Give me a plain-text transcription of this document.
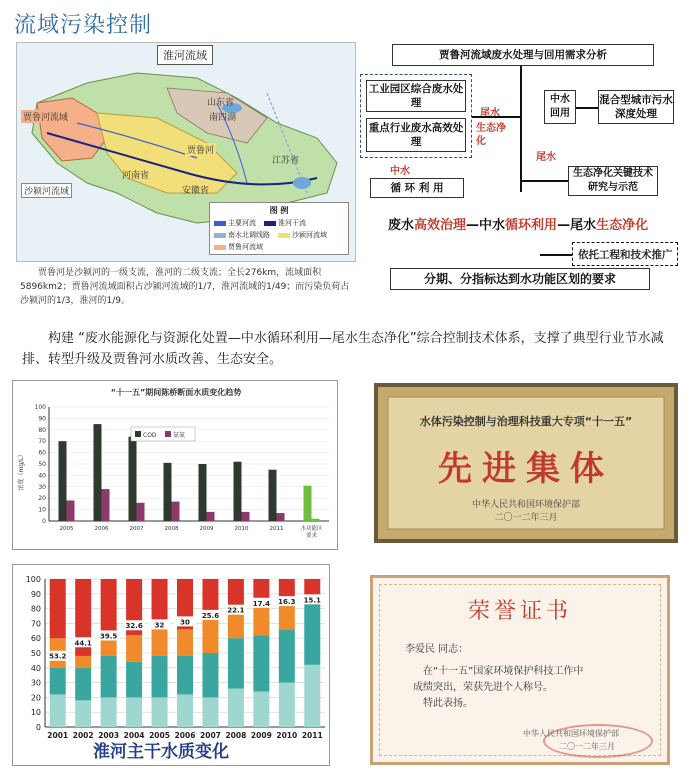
流域污染控制
淮河流域
山东省
江苏省
河南省
安徽省
南四湖
贾鲁河流域
贾鲁河
沙颍河流域
图 例
主要河流	淮河干流
南水北调线路	沙颍河流域
贾鲁河流域
贾鲁河是沙颍河的一级支流，淮河的二级支流；全长276km，流域面积5896km2；贾鲁河流域面积占沙颍河流域的1/7，淮河流域的1/49；而污染负荷占沙颍河的1/3，淮河的1/9。
贾鲁河流域废水处理与回用需求分析
工业园区综合废水处理
重点行业废水高效处理
中水
循 环 利 用
尾水
生态净化
中水回用
混合型城市污水深度处理
尾水
生态净化关键技术研究与示范
废水高效治理—中水循环利用—尾水生态净化
依托工程和技术推广
分期、分指标达到水功能区划的要求
构建 “废水能源化与资源化处置—中水循环利用—尾水生态净化”综合控制技术体系，支撑了典型行业节水减排、转型升级及贾鲁河水质改善、生态安全。
“十一五”期间陈桥断面水质变化趋势
浓度（mg/L）
0
10
20
30
40
50
60
70
80
90
100
2005	2006	2007	2008	2009	2010	2011	水功能区要求
COD	氨氮
0
10
20
30
40
50
60
70
80
90
100
53.2
2001
44.1
2002
39.5
2003
32.6
2004
32
2005
30
2006
25.6
2007
22.1
2008
17.4
2009
16.3
2010
15.1
2011
淮河主干水质变化
水体污染控制与治理科技重大专项“十一五”
先进集体
中华人民共和国环境保护部
二〇一二年三月
荣誉证书
李爱民 同志：
在“十一五”国家环境保护科技工作中
成绩突出，荣获先进个人称号。
特此表扬。
中华人民共和国环境保护部
二〇一二年三月
